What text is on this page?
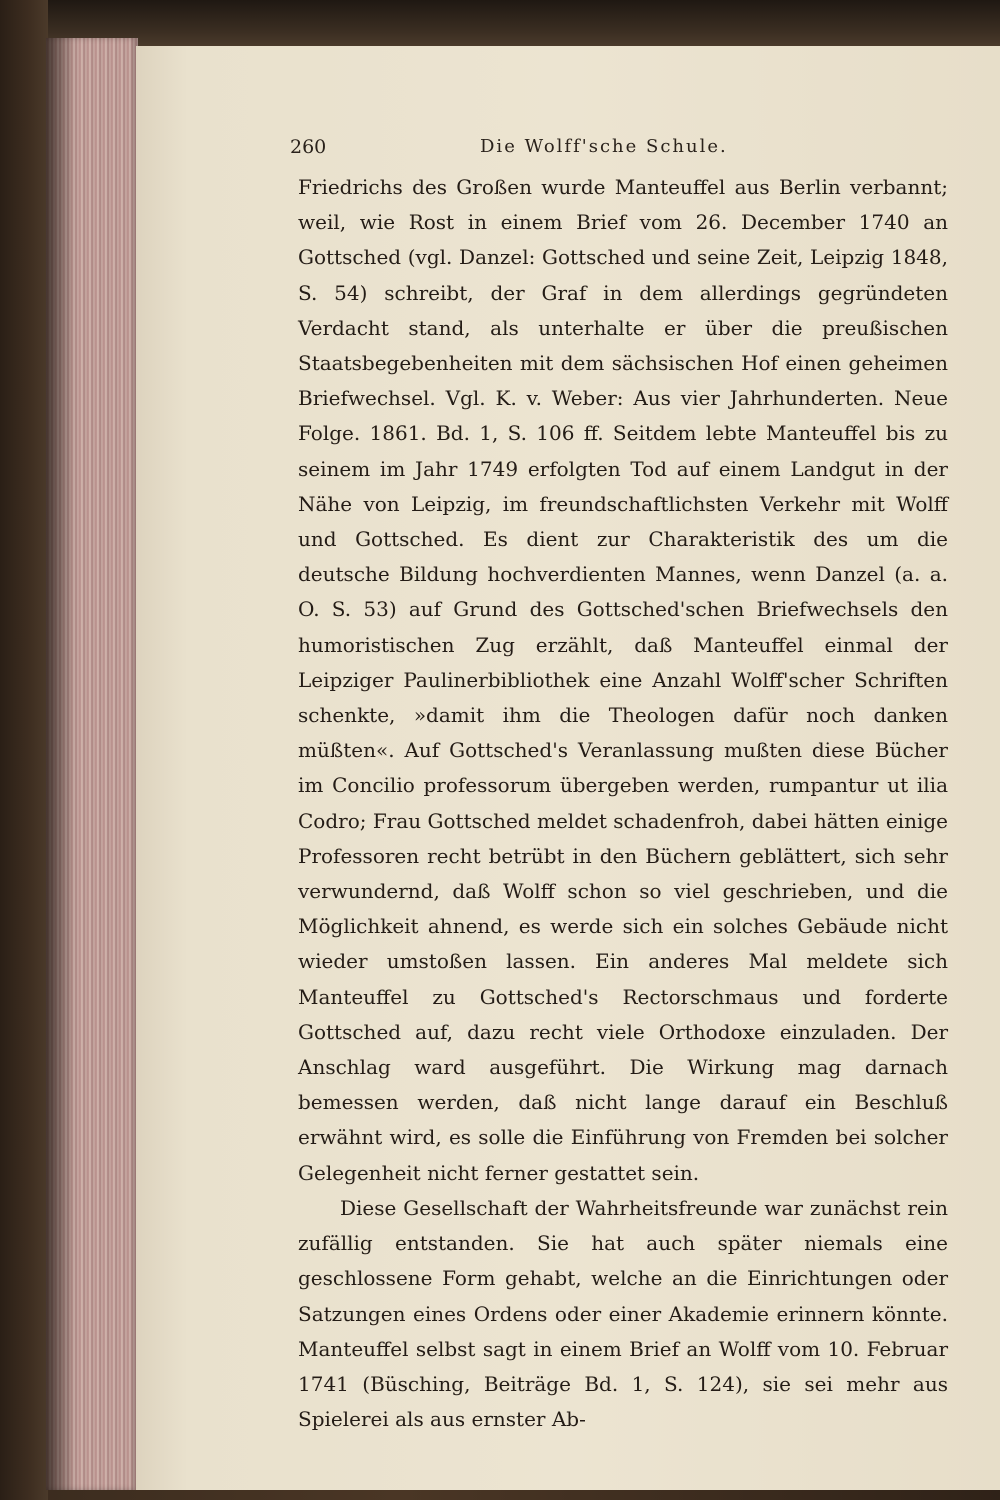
260	Die Wolff'sche Schule.

Friedrichs des Großen wurde Manteuffel aus Berlin verbannt; weil, wie Rost in einem Brief vom 26. December 1740 an Gottsched (vgl. Danzel: Gottsched und seine Zeit, Leipzig 1848, S. 54) schreibt, der Graf in dem allerdings gegründeten Verdacht stand, als unterhalte er über die preußischen Staatsbegebenheiten mit dem sächsischen Hof einen geheimen Briefwechsel. Vgl. K. v. Weber: Aus vier Jahrhunderten. Neue Folge. 1861. Bd. 1, S. 106 ff. Seitdem lebte Manteuffel bis zu seinem im Jahr 1749 erfolgten Tod auf einem Landgut in der Nähe von Leipzig, im freundschaftlichsten Verkehr mit Wolff und Gottsched. Es dient zur Charakteristik des um die deutsche Bildung hochverdienten Mannes, wenn Danzel (a. a. O. S. 53) auf Grund des Gottsched'schen Briefwechsels den humoristischen Zug erzählt, daß Manteuffel einmal der Leipziger Paulinerbibliothek eine Anzahl Wolff'scher Schriften schenkte, »damit ihm die Theologen dafür noch danken müßten«. Auf Gottsched's Veranlassung mußten diese Bücher im Concilio professorum übergeben werden, rumpantur ut ilia Codro; Frau Gottsched meldet schadenfroh, dabei hätten einige Professoren recht betrübt in den Büchern geblättert, sich sehr verwundernd, daß Wolff schon so viel geschrieben, und die Möglichkeit ahnend, es werde sich ein solches Gebäude nicht wieder umstoßen lassen. Ein anderes Mal meldete sich Manteuffel zu Gottsched's Rectorschmaus und forderte Gottsched auf, dazu recht viele Orthodoxe einzuladen. Der Anschlag ward ausgeführt. Die Wirkung mag darnach bemessen werden, daß nicht lange darauf ein Beschluß erwähnt wird, es solle die Einführung von Fremden bei solcher Gelegenheit nicht ferner gestattet sein.

Diese Gesellschaft der Wahrheitsfreunde war zunächst rein zufällig entstanden. Sie hat auch später niemals eine geschlossene Form gehabt, welche an die Einrichtungen oder Satzungen eines Ordens oder einer Akademie erinnern könnte. Manteuffel selbst sagt in einem Brief an Wolff vom 10. Februar 1741 (Büsching, Beiträge Bd. 1, S. 124), sie sei mehr aus Spielerei als aus ernster Ab-
